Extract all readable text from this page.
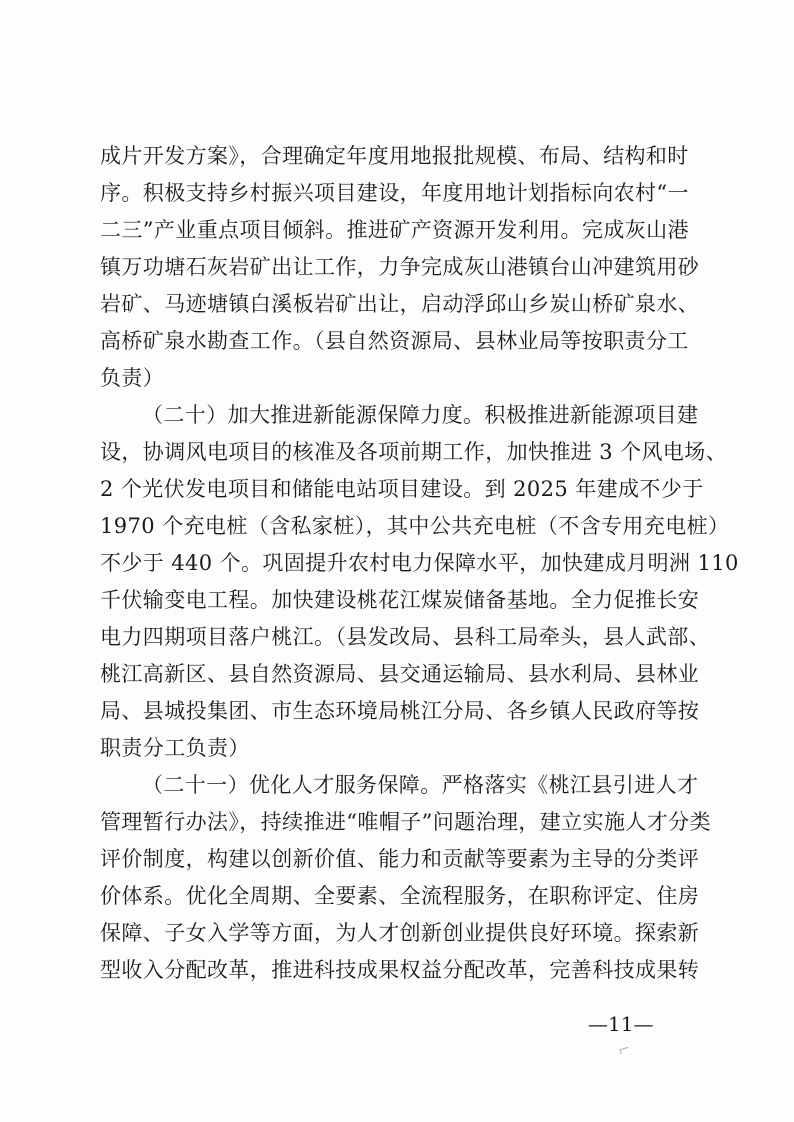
成片开发方案》，合理确定年度用地报批规模、布局、结构和时
序。积极支持乡村振兴项目建设，年度用地计划指标向农村“一
二三”产业重点项目倾斜。推进矿产资源开发利用。完成灰山港
镇万功塘石灰岩矿出让工作，力争完成灰山港镇台山冲建筑用砂
岩矿、马迹塘镇白溪板岩矿出让，启动浮邱山乡炭山桥矿泉水、
高桥矿泉水勘查工作。（县自然资源局、县林业局等按职责分工
负责）
（二十）加大推进新能源保障力度。积极推进新能源项目建
设，协调风电项目的核准及各项前期工作，加快推进 3 个风电场、
2 个光伏发电项目和储能电站项目建设。到 2025 年建成不少于
1970 个充电桩（含私家桩），其中公共充电桩（不含专用充电桩）
不少于 440 个。巩固提升农村电力保障水平，加快建成月明洲 110
千伏输变电工程。加快建设桃花江煤炭储备基地。全力促推长安
电力四期项目落户桃江。（县发改局、县科工局牵头，县人武部、
桃江高新区、县自然资源局、县交通运输局、县水利局、县林业
局、县城投集团、市生态环境局桃江分局、各乡镇人民政府等按
职责分工负责）
（二十一）优化人才服务保障。严格落实《桃江县引进人才
管理暂行办法》，持续推进“唯帽子”问题治理，建立实施人才分类
评价制度，构建以创新价值、能力和贡献等要素为主导的分类评
价体系。优化全周期、全要素、全流程服务，在职称评定、住房
保障、子女入学等方面，为人才创新创业提供良好环境。探索新
型收入分配改革，推进科技成果权益分配改革，完善科技成果转
—11—
